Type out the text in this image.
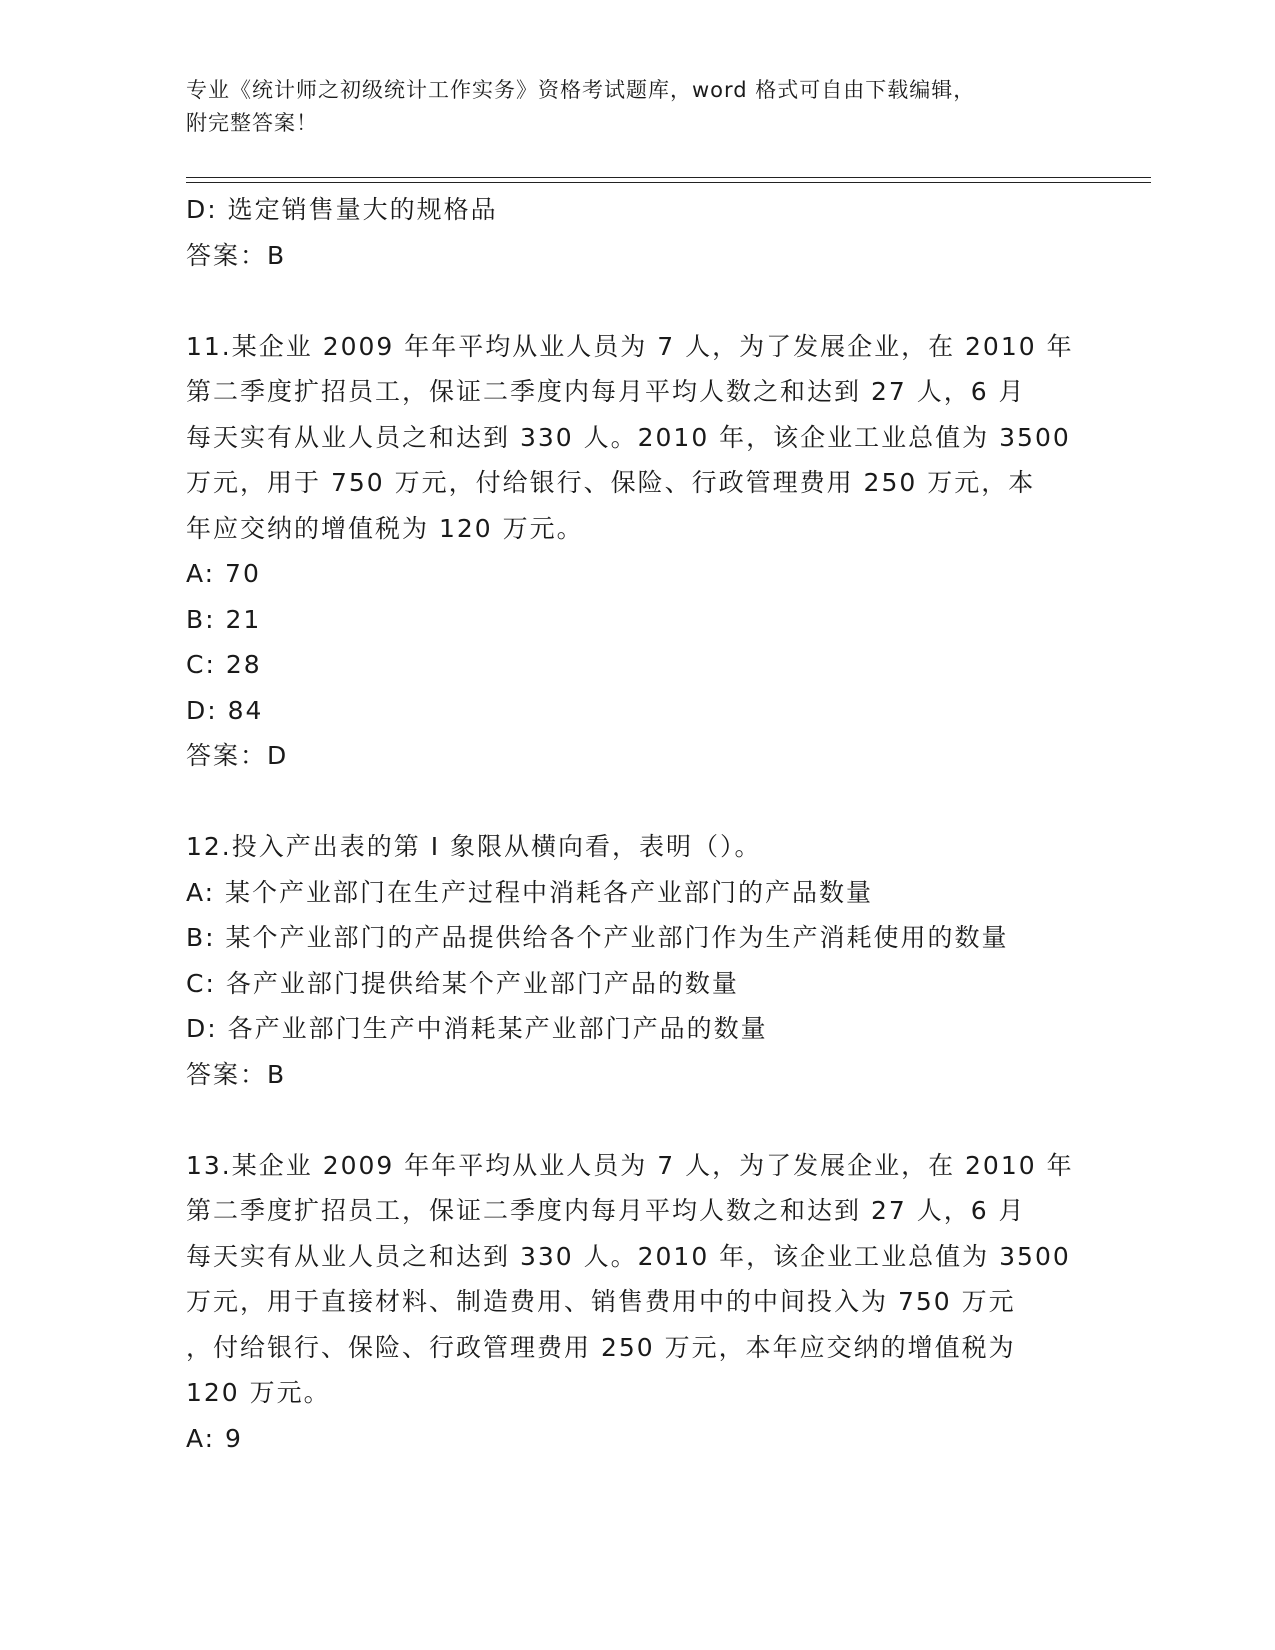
专业《统计师之初级统计工作实务》资格考试题库，word 格式可自由下载编辑，
附完整答案！
D: 选定销售量大的规格品
答案：B
11.某企业 2009 年年平均从业人员为 7 人，为了发展企业，在 2010 年
第二季度扩招员工，保证二季度内每月平均人数之和达到 27 人，6 月
每天实有从业人员之和达到 330 人。2010 年，该企业工业总值为 3500
万元，用于 750 万元，付给银行、保险、行政管理费用 250 万元，本
年应交纳的增值税为 120 万元。
A: 70
B: 21
C: 28
D: 84
答案：D
12.投入产出表的第 I 象限从横向看，表明（）。
A: 某个产业部门在生产过程中消耗各产业部门的产品数量
B: 某个产业部门的产品提供给各个产业部门作为生产消耗使用的数量
C: 各产业部门提供给某个产业部门产品的数量
D: 各产业部门生产中消耗某产业部门产品的数量
答案：B
13.某企业 2009 年年平均从业人员为 7 人，为了发展企业，在 2010 年
第二季度扩招员工，保证二季度内每月平均人数之和达到 27 人，6 月
每天实有从业人员之和达到 330 人。2010 年，该企业工业总值为 3500
万元，用于直接材料、制造费用、销售费用中的中间投入为 750 万元
，付给银行、保险、行政管理费用 250 万元，本年应交纳的增值税为
120 万元。
A: 9
